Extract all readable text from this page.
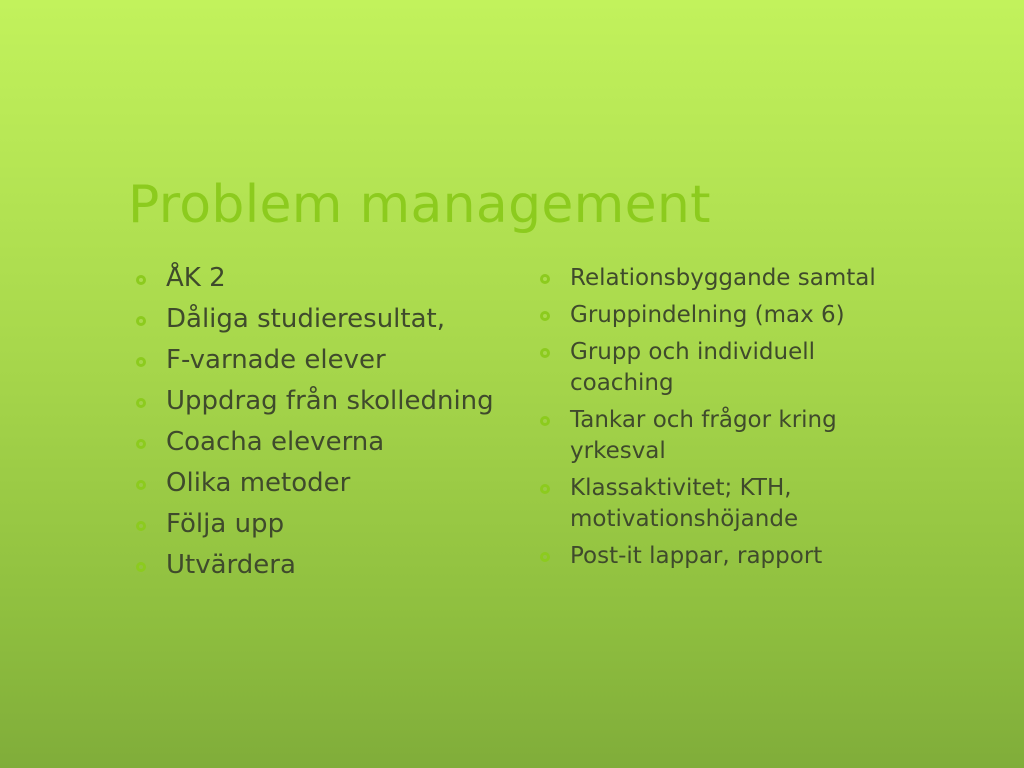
Problem management
ÅK 2
Dåliga studieresultat,
F-varnade elever
Uppdrag från skolledning
Coacha eleverna
Olika metoder
Följa upp
Utvärdera
Relationsbyggande samtal
Gruppindelning (max 6)
Grupp och individuell coaching
Tankar och frågor kring yrkesval
Klassaktivitet; KTH, motivationshöjande
Post-it lappar, rapport
